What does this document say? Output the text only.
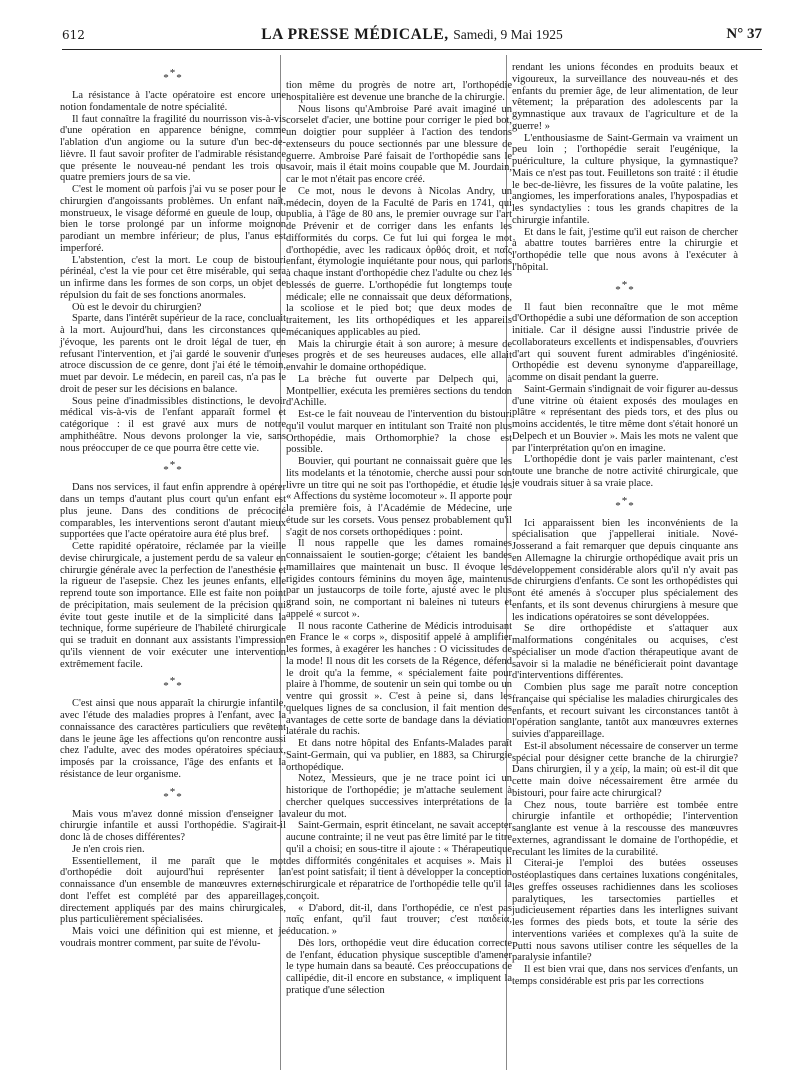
612	LA PRESSE MÉDICALE, Samedi, 9 Mai 1925	N° 37
***

La résistance à l'acte opératoire est encore une notion fondamentale de notre spécialité.

Il faut connaître la fragilité du nourrisson vis-à-vis d'une opération en apparence bénigne, comme l'ablation d'un angiome ou la suture d'un bec-de-lièvre. Il faut savoir profiter de l'admirable résistance que présente le nouveau-né pendant les trois ou quatre premiers jours de sa vie.

C'est le moment où parfois j'ai vu se poser pour le chirurgien d'angoissants problèmes. Un enfant naît, monstrueux, le visage déformé en gueule de loup, ou bien le torse prolongé par un informe moignon parodiant un membre inférieur; de plus, l'anus est imperforé.

L'abstention, c'est la mort. Le coup de bistouri périnéal, c'est la vie pour cet être misérable, qui sera un infirme dans les formes de son corps, un objet de répulsion du fait de ses fonctions anormales.

Où est le devoir du chirurgien?

Sparte, dans l'intérêt supérieur de la race, concluait à la mort. Aujourd'hui, dans les circonstances que j'évoque, les parents ont le droit légal de tuer, en refusant l'intervention, et j'ai gardé le souvenir d'une atroce discussion de ce genre, dont j'ai été le témoin, muet par devoir. Le médecin, en pareil cas, n'a pas le droit de peser sur les décisions en balance.

Sous peine d'inadmissibles distinctions, le devoir médical vis-à-vis de l'enfant apparaît formel et catégorique : il est gravé aux murs de notre amphithéâtre. Nous devons prolonger la vie, sans nous préoccuper de ce que pourra être cette vie.

***

Dans nos services, il faut enfin apprendre à opérer dans un temps d'autant plus court qu'un enfant est plus jeune. Dans des conditions de précocité comparables, les interventions seront d'autant mieux supportées que l'acte opératoire aura été plus bref.

Cette rapidité opératoire, réclamée par la vieille devise chirurgicale, a justement perdu de sa valeur en chirurgie générale avec la perfection de l'anesthésie et la rigueur de l'asepsie. Chez les jeunes enfants, elle reprend toute son importance. Elle est faite non point de précipitation, mais seulement de la précision qui évite tout geste inutile et de la simplicité dans la technique, forme supérieure de l'habileté chirurgicale qui se traduit en donnant aux assistants l'impression qu'ils viennent de voir exécuter une intervention extrêmement facile.

***

C'est ainsi que nous apparaît la chirurgie infantile, avec l'étude des maladies propres à l'enfant, avec la connaissance des caractères particuliers que revêtent dans le jeune âge les affections qu'on rencontre aussi chez l'adulte, avec des modes opératoires spéciaux, imposés par la croissance, l'âge des enfants et la résistance de leur organisme.

***

Mais vous m'avez donné mission d'enseigner la chirurgie infantile et aussi l'orthopédie. S'agirait-il donc là de choses différentes?

Je n'en crois rien.

Essentiellement, il me paraît que le mot d'orthopédie doit aujourd'hui représenter la connaissance d'un ensemble de manœuvres externes dont l'effet est complété par des appareillages, directement appliqués par des mains chirurgicales, plus particulièrement spécialisées.

Mais voici une définition qui est mienne, et je voudrais montrer comment, par suite de l'évolu-

tion même du progrès de notre art, l'orthopédie hospitalière est devenue une branche de la chirurgie.

Nous lisons qu'Ambroise Paré avait imaginé un corselet d'acier, une bottine pour corriger le pied bot, un doigtier pour suppléer à l'action des tendons extenseurs du pouce sectionnés par une blessure de guerre. Ambroise Paré faisait de l'orthopédie sans le savoir, mais il était moins coupable que M. Jourdain, car le mot n'était pas encore créé.

Ce mot, nous le devons à Nicolas Andry, un médecin, doyen de la Faculté de Paris en 1741, qui publia, à l'âge de 80 ans, le premier ouvrage sur l'art de Prévenir et de corriger dans les enfants les difformités du corps. Ce fut lui qui forgea le mot d'orthopédie, avec les radicaux ὀρθός droit, et παῖς enfant, étymologie inquiétante pour nous, qui parlons à chaque instant d'orthopédie chez l'adulte ou chez les blessés de guerre. L'orthopédie fut longtemps toute médicale; elle ne connaissait que deux déformations, la scoliose et le pied bot; que deux modes de traitement, les lits orthopédiques et les appareils mécaniques applicables au pied.

Mais la chirurgie était à son aurore; à mesure de ses progrès et de ses heureuses audaces, elle allait envahir le domaine orthopédique.

La brèche fut ouverte par Delpech qui, à Montpellier, exécuta les premières sections du tendon d'Achille.

Est-ce le fait nouveau de l'intervention du bistouri qu'il voulut marquer en intitulant son Traité non plus Orthopédie, mais Orthomorphie? la chose est possible.

Bouvier, qui pourtant ne connaissait guère que les lits modelants et la ténotomie, cherche aussi pour son livre un titre qui ne soit pas l'orthopédie, et étudie les « Affections du système locomoteur ». Il apporte pour la première fois, à l'Académie de Médecine, une étude sur les corsets. Vous pensez probablement qu'il s'agit de nos corsets orthopédiques : point.

Il nous rappelle que les dames romaines connaissaient le soutien-gorge; c'étaient les bandes mamillaires que maintenait un busc. Il évoque les rigides contours féminins du moyen âge, maintenus par un justaucorps de toile forte, ajusté avec le plus grand soin, ne comportant ni baleines ni tuteurs et appelé « surcot ».

Il nous raconte Catherine de Médicis introduisant en France le « corps », dispositif appelé à amplifier les formes, à exagérer les hanches : O vicissitudes de la mode! Il nous dit les corsets de la Régence, défend le droit qu'a la femme, « spécialement faite pour plaire à l'homme, de soutenir un sein qui tombe ou un ventre qui grossit ». C'est à peine si, dans les quelques lignes de sa conclusion, il fait mention des avantages de cette sorte de bandage dans la déviation latérale du rachis.

Et dans notre hôpital des Enfants-Malades paraît Saint-Germain, qui va publier, en 1883, sa Chirurgie orthopédique.

Notez, Messieurs, que je ne trace point ici un historique de l'orthopédie; je m'attache seulement à chercher quelques successives interprétations de la valeur du mot.

Saint-Germain, esprit étincelant, ne savait accepter aucune contrainte; il ne veut pas être limité par le titre qu'il a choisi; en sous-titre il ajoute : « Thérapeutique des difformités congénitales et acquises ». Mais il n'est point satisfait; il tient à développer la conception chirurgicale et réparatrice de l'orthopédie telle qu'il la conçoit.

« D'abord, dit-il, dans l'orthopédie, ce n'est pas παῖς enfant, qu'il faut trouver; c'est παιδεία, éducation. »

Dès lors, orthopédie veut dire éducation correcte de l'enfant, éducation physique susceptible d'amener le type humain dans sa beauté. Ces préoccupations de callipédie, dit-il encore en substance, « impliquent la pratique d'une sélection

rendant les unions fécondes en produits beaux et vigoureux, la surveillance des nouveau-nés et des enfants du premier âge, de leur alimentation, de leur vêtement; la préparation des adolescents par la gymnastique aux travaux de l'agriculture et de la guerre! »

L'enthousiasme de Saint-Germain va vraiment un peu loin ; l'orthopédie serait l'eugénique, la puériculture, la culture physique, la gymnastique? Mais ce n'est pas tout. Feuilletons son traité : il étudie le bec-de-lièvre, les fissures de la voûte palatine, les angiomes, les imperforations anales, l'hypospadias et les syndactylies : tous les grands chapitres de la chirurgie infantile.

Et dans le fait, j'estime qu'il eut raison de chercher à abattre toutes barrières entre la chirurgie et l'orthopédie telle que nous avons à l'exécuter à l'hôpital.

***

Il faut bien reconnaître que le mot même d'Orthopédie a subi une déformation de son acception initiale. Car il désigne aussi l'industrie privée de collaborateurs excellents et indispensables, d'ouvriers d'art qui souvent furent admirables d'ingéniosité. Orthopédie est devenu synonyme d'appareillage, comme on disait pendant la guerre.

Saint-Germain s'indignait de voir figurer au-dessus d'une vitrine où étaient exposés des moulages en plâtre « représentant des pieds tors, et des plus ou moins accidentés, le titre même dont s'était honoré un Delpech et un Bouvier ». Mais les mots ne valent que par l'interprétation qu'on en imagine.

L'orthopédie dont je vais parler maintenant, c'est toute une branche de notre activité chirurgicale, que je voudrais situer à sa vraie place.

***

Ici apparaissent bien les inconvénients de la spécialisation que j'appellerai initiale. Nové-Josserand a fait remarquer que depuis cinquante ans en Allemagne la chirurgie orthopédique avait pris un développement considérable alors qu'il n'y avait pas de chirurgiens d'enfants. Ce sont les orthopédistes qui ont été amenés à s'occuper plus spécialement des enfants, et ils sont devenus chirurgiens à mesure que les indications opératoires se sont développées.

Se dire orthopédiste et s'attaquer aux malformations congénitales ou acquises, c'est spécialiser un mode d'action thérapeutique avant de savoir si la maladie ne bénéficierait point davantage d'interventions différentes.

Combien plus sage me paraît notre conception française qui spécialise les maladies chirurgicales des enfants, et recourt suivant les circonstances tantôt à l'opération sanglante, tantôt aux manœuvres externes suivies d'appareillage.

Est-il absolument nécessaire de conserver un terme spécial pour désigner cette branche de la chirurgie? Dans chirurgien, il y a χείρ, la main; où est-il dit que cette main doive nécessairement être armée du bistouri, pour faire acte chirurgical?

Chez nous, toute barrière est tombée entre chirurgie infantile et orthopédie; l'intervention sanglante est venue à la rescousse des manœuvres externes, agrandissant le domaine de l'orthopédie, et reculant les limites de la curabilité.

Citerai-je l'emploi des butées osseuses ostéoplastiques dans certaines luxations congénitales, les greffes osseuses rachidiennes dans les scolioses paralytiques, les tarsectomies partielles et judicieusement réparties dans les interlignes suivant les formes des pieds bots, et toute la série des interventions variées et complexes qu'à la suite de Putti nous savons utiliser contre les séquelles de la paralysie infantile?

Il est bien vrai que, dans nos services d'enfants, un temps considérable est pris par les corrections
